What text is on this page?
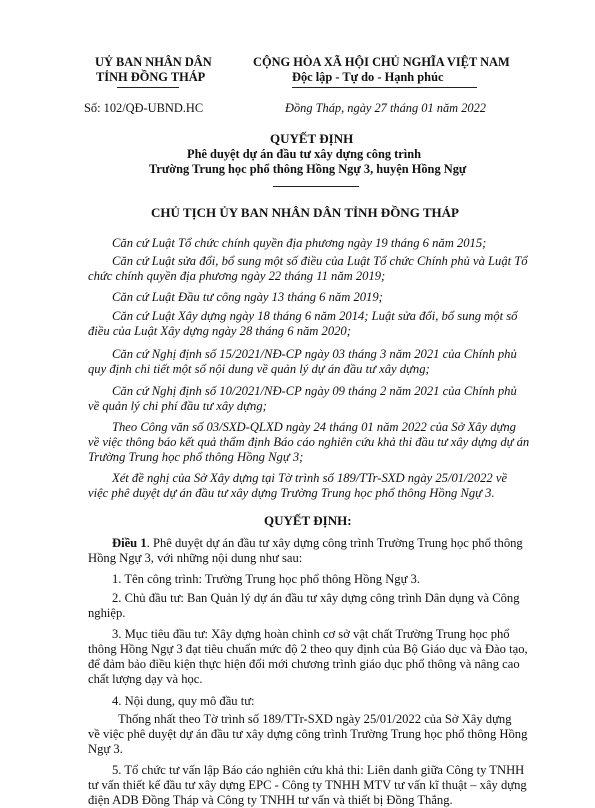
UỶ BAN NHÂN DÂN
TỈNH ĐỒNG THÁP
CỘNG HÒA XÃ HỘI CHỦ NGHĨA VIỆT NAM
Độc lập - Tự do - Hạnh phúc
Số: 102/QĐ-UBND.HC	Đồng Tháp, ngày 27 tháng 01 năm 2022
QUYẾT ĐỊNH
Phê duyệt dự án đầu tư xây dựng công trình
Trường Trung học phổ thông Hồng Ngự 3, huyện Hồng Ngự
CHỦ TỊCH ỦY BAN NHÂN DÂN TỈNH ĐỒNG THÁP
Căn cứ Luật Tổ chức chính quyền địa phương ngày 19 tháng 6 năm 2015;
Căn cứ Luật sửa đổi, bổ sung một số điều của Luật Tổ chức Chính phủ và Luật Tổ
chức chính quyền địa phương ngày 22 tháng 11 năm 2019;
Căn cứ Luật Đầu tư công ngày 13 tháng 6 năm 2019;
Căn cứ Luật Xây dựng ngày 18 tháng 6 năm 2014; Luật sửa đổi, bổ sung một số
điều của Luật Xây dựng ngày 28 tháng 6 năm 2020;
Căn cứ Nghị định số 15/2021/NĐ-CP ngày 03 tháng 3 năm 2021 của Chính phủ
quy định chi tiết một số nội dung về quản lý dự án đầu tư xây dựng;
Căn cứ Nghị định số 10/2021/NĐ-CP ngày 09 tháng 2 năm 2021 của Chính phủ
về quản lý chi phí đầu tư xây dựng;
Theo Công văn số 03/SXD-QLXD ngày 24 tháng 01 năm 2022 của Sở Xây dựng
về việc thông báo kết quả thẩm định Báo cáo nghiên cứu khả thi đầu tư xây dựng dự án
Trường Trung học phổ thông Hồng Ngự 3;
Xét đề nghị của Sở Xây dựng tại Tờ trình số 189/TTr-SXD ngày 25/01/2022 về
việc phê duyệt dự án đầu tư xây dựng Trường Trung học phổ thông Hồng Ngự 3.
QUYẾT ĐỊNH:
Điều 1. Phê duyệt dự án đầu tư xây dựng công trình Trường Trung học phổ thông
Hồng Ngự 3, với những nội dung như sau:
1. Tên công trình: Trường Trung học phổ thông Hồng Ngự 3.
2. Chủ đầu tư: Ban Quản lý dự án đầu tư xây dựng công trình Dân dụng và Công
nghiệp.
3. Mục tiêu đầu tư: Xây dựng hoàn chỉnh cơ sở vật chất Trường Trung học phổ
thông Hồng Ngự 3 đạt tiêu chuẩn mức độ 2 theo quy định của Bộ Giáo dục và Đào tạo,
để đảm bảo điều kiện thực hiện đổi mới chương trình giáo dục phổ thông và nâng cao
chất lượng dạy và học.
4. Nội dung, quy mô đầu tư:
Thống nhất theo Tờ trình số 189/TTr-SXD ngày 25/01/2022 của Sở Xây dựng
về việc phê duyệt dự án đầu tư xây dựng công trình Trường Trung học phổ thông Hồng
Ngự 3.
5. Tổ chức tư vấn lập Báo cáo nghiên cứu khả thi: Liên danh giữa Công ty TNHH
tư vấn thiết kế đầu tư xây dựng EPC - Công ty TNHH MTV tư vấn kĩ thuật – xây dựng
điện ADB Đồng Tháp và Công ty TNHH tư vấn và thiết bị Đồng Thắng.
